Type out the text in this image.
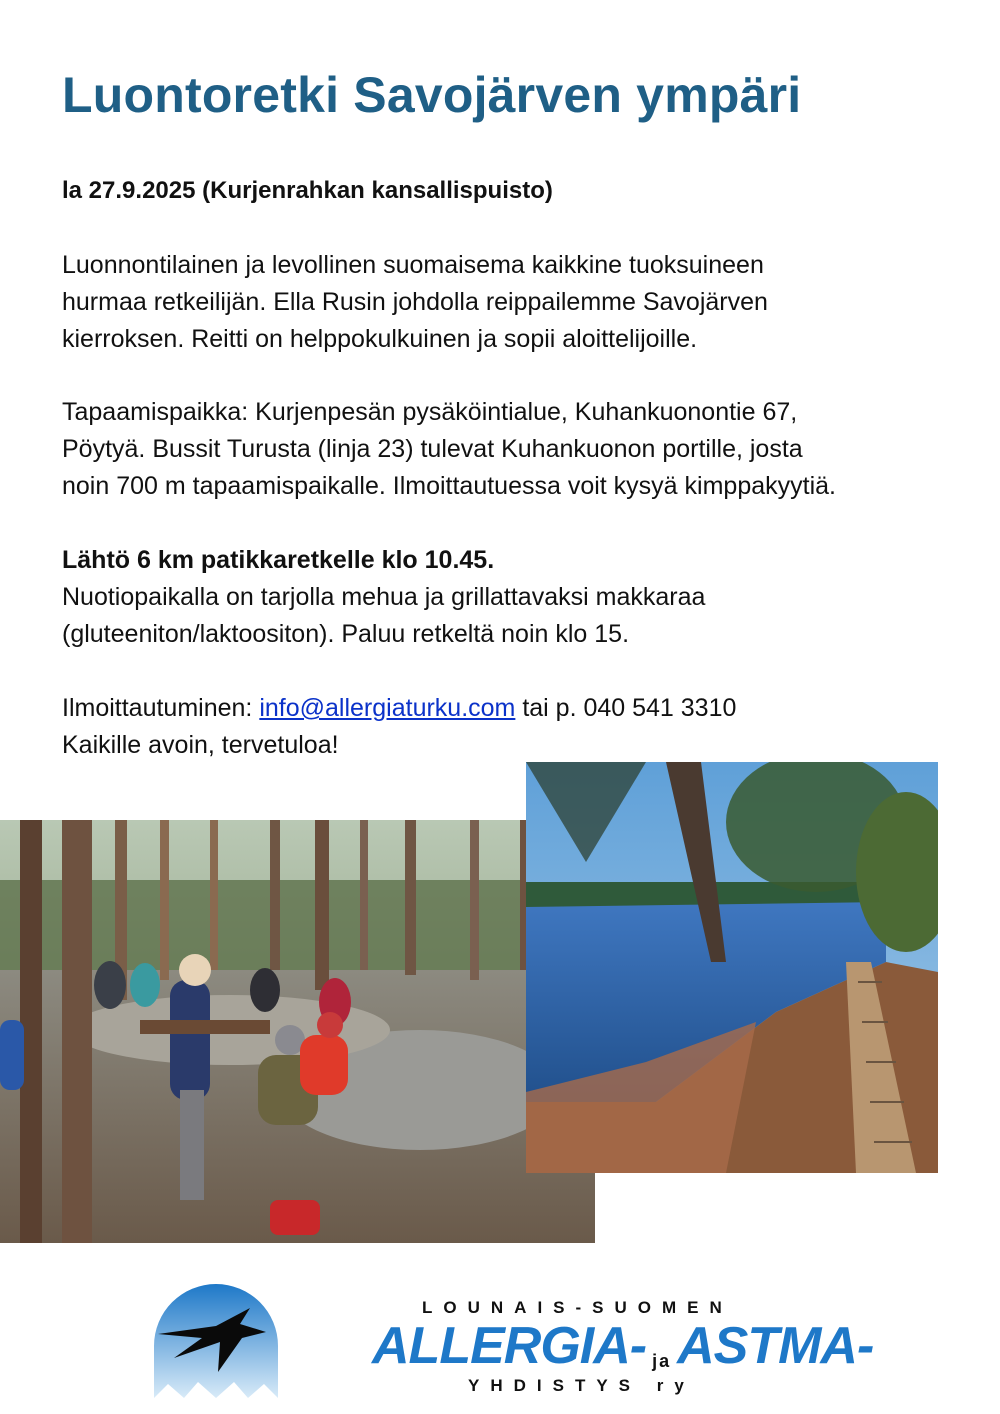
Luontoretki Savojärven ympäri

la 27.9.2025 (Kurjenrahkan kansallispuisto)

Luonnontilainen ja levollinen suomaisema kaikkine tuoksuineen
hurmaa retkeilijän. Ella Rusin johdolla reippailemme Savojärven
kierroksen. Reitti on helppokulkuinen ja sopii aloittelijoille.
Tapaamispaikka: Kurjenpesän pysäköintialue, Kuhankuonontie 67,
Pöytyä. Bussit Turusta (linja 23) tulevat Kuhankuonon portille, josta
noin 700 m tapaamispaikalle. Ilmoittautuessa voit kysyä kimppakyytiä.

Lähtö 6 km patikkaretkelle klo 10.45.

Nuotiopaikalla on tarjolla mehua ja grillattavaksi makkaraa
(gluteeniton/laktoositon). Paluu retkeltä noin klo 15.
Ilmoittautuminen: info@allergiaturku.com tai p. 040 541 3310
Kaikille avoin, tervetuloa!

LOUNAIS-SUOMEN

ALLERGIA- ja ASTMA-

YHDISTYS ry
